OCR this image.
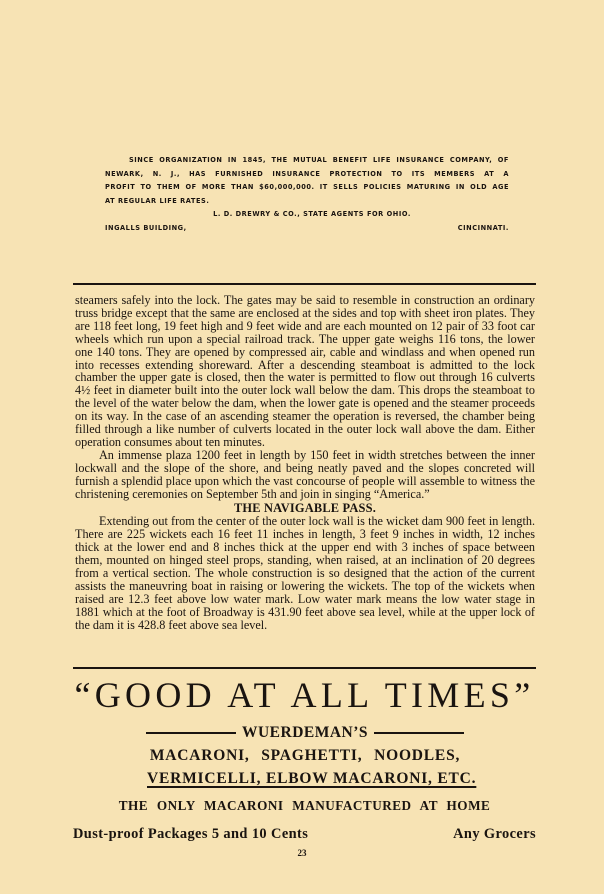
SINCE ORGANIZATION IN 1845, THE MUTUAL BENEFIT LIFE INSURANCE COMPANY, OF
NEWARK, N. J., HAS FURNISHED INSURANCE PROTECTION TO ITS MEMBERS AT A
PROFIT TO THEM OF MORE THAN $60,000,000. IT SELLS POLICIES MATURING IN OLD AGE
AT REGULAR LIFE RATES.
L. D. DREWRY & CO., STATE AGENTS FOR OHIO.
INGALLS BUILDING,	CINCINNATI.

steamers safely into the lock. The gates may be said to resemble in construction an ordinary truss bridge except that the same are enclosed at the sides and top with sheet iron plates. They are 118 feet long, 19 feet high and 9 feet wide and are each mounted on 12 pair of 33 foot car wheels which run upon a special railroad track. The upper gate weighs 116 tons, the lower one 140 tons. They are opened by compressed air, cable and windlass and when opened run into recesses extending shoreward. After a descending steamboat is admitted to the lock chamber the upper gate is closed, then the water is permitted to flow out through 16 culverts 4½ feet in diameter built into the outer lock wall below the dam. This drops the steamboat to the level of the water below the dam, when the lower gate is opened and the steamer proceeds on its way. In the case of an ascending steamer the operation is reversed, the chamber being filled through a like number of culverts located in the outer lock wall above the dam. Either operation consumes about ten minutes.

An immense plaza 1200 feet in length by 150 feet in width stretches between the inner lockwall and the slope of the shore, and being neatly paved and the slopes concreted will furnish a splendid place upon which the vast concourse of people will assemble to witness the christening ceremonies on September 5th and join in singing “America.”

THE NAVIGABLE PASS.

Extending out from the center of the outer lock wall is the wicket dam 900 feet in length. There are 225 wickets each 16 feet 11 inches in length, 3 feet 9 inches in width, 12 inches thick at the lower end and 8 inches thick at the upper end with 3 inches of space between them, mounted on hinged steel props, standing, when raised, at an inclination of 20 degrees from a vertical section. The whole construction is so designed that the action of the current assists the maneuvring boat in raising or lowering the wickets. The top of the wickets when raised are 12.3 feet above low water mark. Low water mark means the low water stage in 1881 which at the foot of Broadway is 431.90 feet above sea level, while at the upper lock of the dam it is 428.8 feet above sea level.

“GOOD AT ALL TIMES”
WUERDEMAN’S
MACARONI, SPAGHETTI, NOODLES,
VERMICELLI, ELBOW MACARONI, ETC.
THE ONLY MACARONI MANUFACTURED AT HOME
Dust-proof Packages 5 and 10 Cents	Any Grocers
23
